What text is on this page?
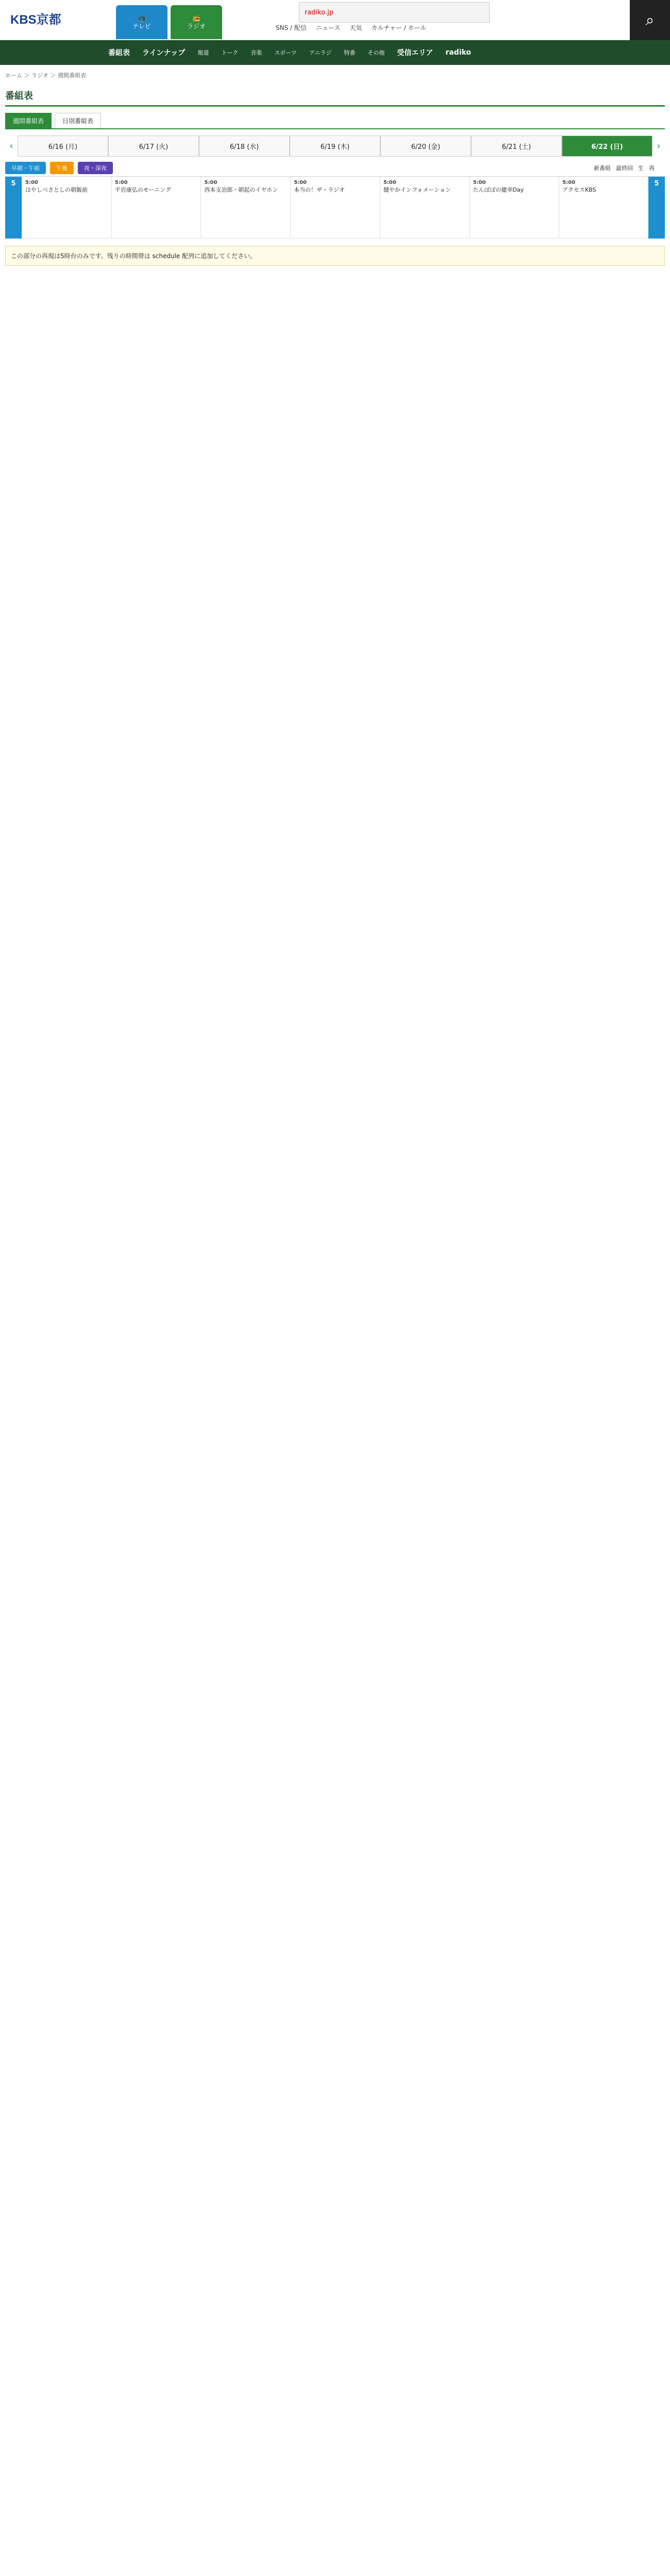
KBS京都	📺
テレビ
📻
ラジオ
radiko.jp
SNS / 配信 ニュース 天気 カルチャー / ホール	⌕
番組表 ラインナップ 報道 トーク 音楽 スポーツ アニラジ 特番 その他 受信エリア radiko
ホーム ＞ ラジオ ＞ 週間番組表
番組表
週間番組表	日別番組表
‹	6/16 (月)	6/17 (火)	6/18 (水)	6/19 (木)	6/20 (金)	6/21 (土)	6/22 (日)	›
早朝・午前	午後	夜・深夜	新番組 最終回 生 再
5	5:00
はやしべさとしの朝飯前
5:00
平岩康弘のモーニング
5:00
西本支治郎・朝起のイヤホン
5:00
本当の！ザ・ラジオ
5:00
健やかインフォメーション
5:00
たんぽぽの健幸Day
5:00
アクセスKBS
5
この部分の再現は5時台のみです。残りの時間帯は schedule 配列に追加してください。
